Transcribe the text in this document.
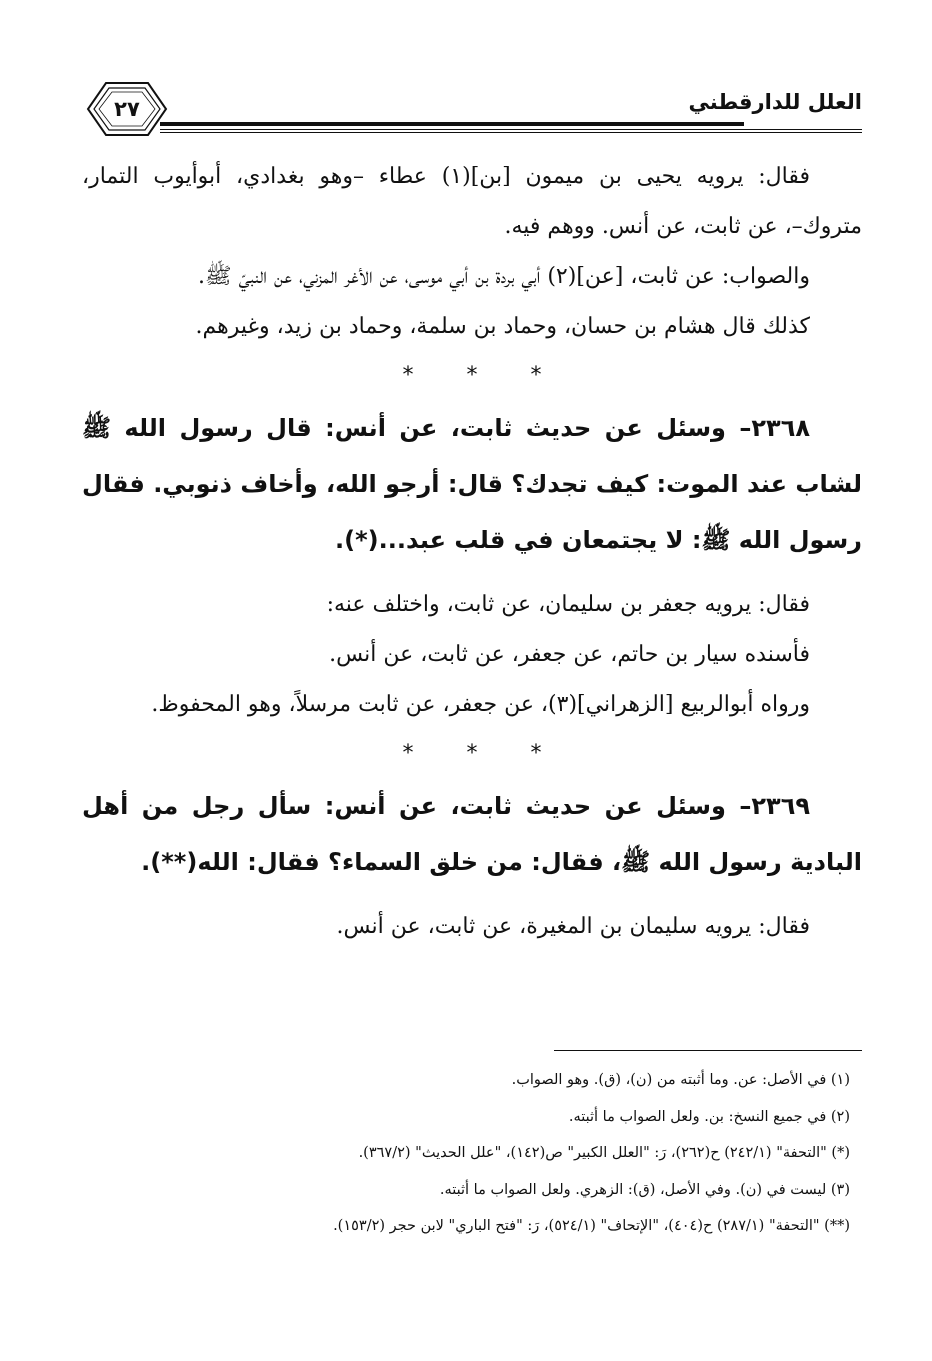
العلل للدارقطني
٢٧

فقال: يرويه يحيى بن ميمون [بن](١) عطاء –وهو بغدادي، أبوأيوب التمار، متروك–، عن ثابت، عن أنس. ووهم فيه.

والصواب: عن ثابت، [عن](٢) أبي بردة بن أبي موسى، عن الأغر المزني، عن النبيّ ﷺ.

كذلك قال هشام بن حسان، وحماد بن سلمة، وحماد بن زيد، وغيرهم.

* * *

٢٣٦٨– وسئل عن حديث ثابت، عن أنس: قال رسول الله ﷺ لشاب عند الموت: كيف تجدك؟ قال: أرجو الله، وأخاف ذنوبي. فقال رسول الله ﷺ: لا يجتمعان في قلب عبد...(*).

فقال: يرويه جعفر بن سليمان، عن ثابت، واختلف عنه:

فأسنده سيار بن حاتم، عن جعفر، عن ثابت، عن أنس.

ورواه أبوالربيع [الزهراني](٣)، عن جعفر، عن ثابت مرسلاً، وهو المحفوظ.

* * *

٢٣٦٩– وسئل عن حديث ثابت، عن أنس: سأل رجل من أهل البادية رسول الله ﷺ، فقال: من خلق السماء؟ فقال: الله(**).

فقال: يرويه سليمان بن المغيرة، عن ثابت، عن أنس.

(١) في الأصل: عن. وما أثبته من (ن)، (ق). وهو الصواب.

(٢) في جميع النسخ: بن. ولعل الصواب ما أثبته.

(*) "التحفة" (٢٤٢/١) ح(٢٦٢)، رَ: "العلل الكبير" ص(١٤٢)، "علل الحديث" (٣٦٧/٢).

(٣) ليست في (ن). وفي الأصل، (ق): الزهري. ولعل الصواب ما أثبته.

(**) "التحفة" (٢٨٧/١) ح(٤٠٤)، "الإتحاف" (٥٢٤/١)، رَ: "فتح الباري" لابن حجر (١٥٣/٢).
